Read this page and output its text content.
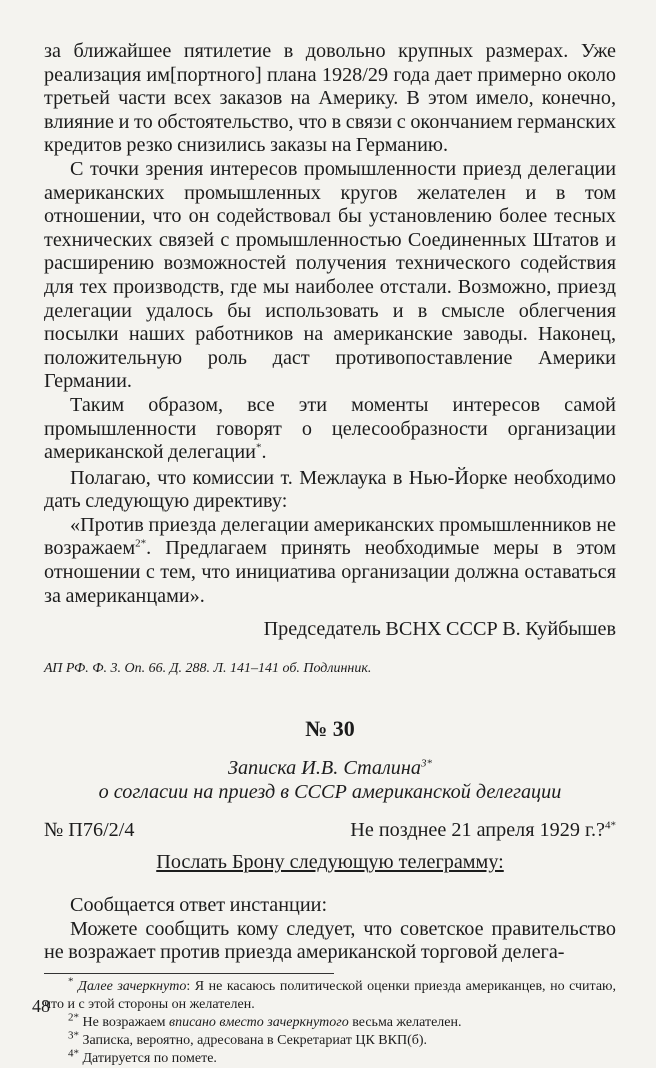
за ближайшее пятилетие в довольно крупных размерах. Уже реализация им[портного] плана 1928/29 года дает примерно около третьей части всех заказов на Америку. В этом имело, конечно, влияние и то обстоятельство, что в связи с окончанием германских кредитов резко снизились заказы на Германию.

С точки зрения интересов промышленности приезд делегации американских промышленных кругов желателен и в том отношении, что он содействовал бы установлению более тесных технических связей с промышленностью Соединенных Штатов и расширению возможностей получения технического содействия для тех производств, где мы наиболее отстали. Возможно, приезд делегации удалось бы использовать и в смысле облегчения посылки наших работников на американские заводы. Наконец, положительную роль даст противопоставление Америки Германии.

Таким образом, все эти моменты интересов самой промышленности говорят о целесообразности организации американской делегации*.

Полагаю, что комиссии т. Межлаука в Нью-Йорке необходимо дать следующую директиву:

«Против приезда делегации американских промышленников не возражаем$^{2*}$. Предлагаем принять необходимые меры в этом отношении с тем, что инициатива организации должна оставаться за американцами».

Председатель ВСНХ СССР В. Куйбышев

АП РФ. Ф. 3. Оп. 66. Д. 288. Л. 141–141 об. Подлинник.

№ 30

Записка И.В. Сталина$^{3*}$

о согласии на приезд в СССР американской делегации

№ П76/2/4	Не позднее 21 апреля 1929 г.?$^{4*}$

Послать Брону следующую телеграмму:

Сообщается ответ инстанции:

Можете сообщить кому следует, что советское правительство не возражает против приезда американской торговой делега-

* Далее зачеркнуто: Я не касаюсь политической оценки приезда американцев, но считаю, что и с этой стороны он желателен.

$^{2*}$ Не возражаем вписано вместо зачеркнутого весьма желателен.

$^{3*}$ Записка, вероятно, адресована в Секретариат ЦК ВКП(б).

$^{4*}$ Датируется по помете.

48
